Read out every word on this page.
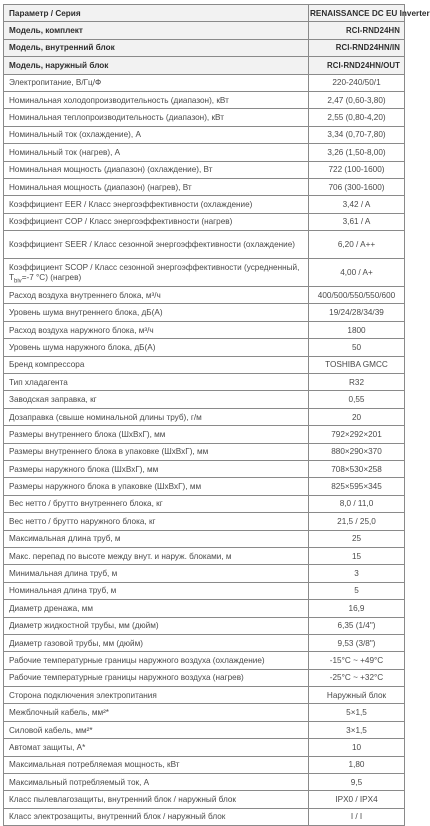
Параметр / Серия	RENAISSANCE DC EU Inverter
Модель, комплект	RCI-RND24HN
Модель, внутренний блок	RCI-RND24HN/IN
Модель, наружный блок	RCI-RND24HN/OUT
Электропитание, В/Гц/Ф	220-240/50/1
Номинальная холодопроизводительность (диапазон), кВт	2,47 (0,60-3,80)
Номинальная теплопроизводительность (диапазон), кВт	2,55 (0,80-4,20)
Номинальный ток (охлаждение), А	3,34 (0,70-7,80)
Номинальный ток (нагрев), А	3,26 (1,50-8,00)
Номинальная мощность (диапазон) (охлаждение), Вт	722 (100-1600)
Номинальная мощность (диапазон) (нагрев), Вт	706 (300-1600)
Коэффициент EER / Класс энергоэффективности (охлаждение)	3,42 / A
Коэффициент COP / Класс энергоэффективности (нагрев)	3,61 / A
Коэффициент SEER / Класс сезонной энергоэффективности (охлаждение)	6,20 / A++
Коэффициент SCOP / Класс сезонной энергоэффективности (усредненный, $T_{biv}=-7$ °С) (нагрев)	4,00 / A+
Расход воздуха внутреннего блока, м³/ч	400/500/550/550/600
Уровень шума внутреннего блока, дБ(А)	19/24/28/34/39
Расход воздуха наружного блока, м³/ч	1800
Уровень шума наружного блока, дБ(А)	50
Бренд компрессора	TOSHIBA GMCC
Тип хладагента	R32
Заводская заправка, кг	0,55
Дозаправка (свыше номинальной длины труб), г/м	20
Размеры внутреннего блока (ШхВхГ), мм	792×292×201
Размеры внутреннего блока в упаковке (ШхВхГ), мм	880×290×370
Размеры наружного блока (ШхВхГ), мм	708×530×258
Размеры наружного блока в упаковке (ШхВхГ), мм	825×595×345
Вес нетто / брутто внутреннего блока, кг	8,0 / 11,0
Вес нетто / брутто наружного блока, кг	21,5 / 25,0
Максимальная длина труб, м	25
Макс. перепад по высоте между внут. и наруж. блоками, м	15
Минимальная длина труб, м	3
Номинальная длина труб, м	5
Диаметр дренажа, мм	16,9
Диаметр жидкостной трубы, мм (дюйм)	6,35 (1/4")
Диаметр газовой трубы, мм (дюйм)	9,53 (3/8")
Рабочие температурные границы наружного воздуха (охлаждение)	-15°C ~ +49°C
Рабочие температурные границы наружного воздуха (нагрев)	-25°C ~ +32°C
Сторона подключения электропитания	Наружный блок
Межблочный кабель, мм²*	5×1,5
Силовой кабель, мм²*	3×1,5
Автомат защиты, А*	10
Максимальная потребляемая мощность, кВт	1,80
Максимальный потребляемый ток, А	9,5
Класс пылевлагозащиты, внутренний блок / наружный блок	IPX0 / IPX4
Класс электрозащиты, внутренний блок / наружный блок	I / I
